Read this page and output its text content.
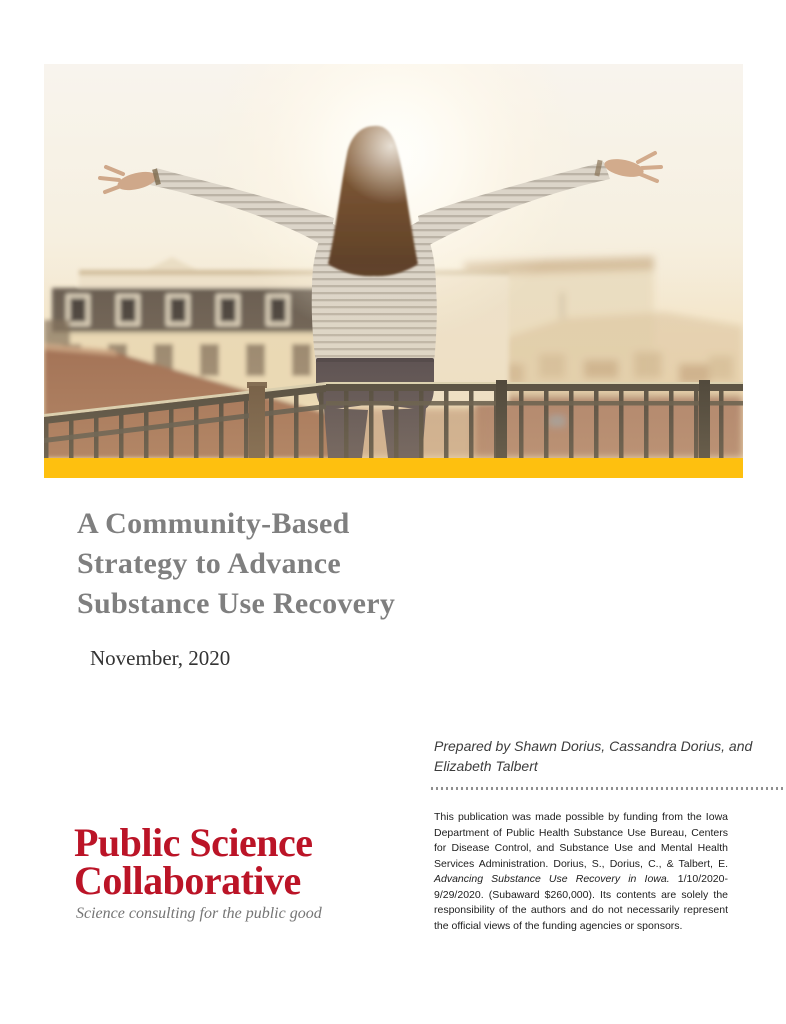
A Community-Based
Strategy to Advance
Substance Use Recovery
November, 2020
Prepared by Shawn Dorius, Cassandra Dorius, and Elizabeth Talbert

This publication was made possible by funding from the Iowa Department of Public Health Substance Use Bureau, Centers for Disease Control, and Substance Use and Mental Health Services Administration. Dorius, S., Dorius, C., & Talbert, E. Advancing Substance Use Recovery in Iowa. 1/10/2020-9/29/2020. (Subaward $260,000). Its contents are solely the responsibility of the authors and do not necessarily represent the official views of the funding agencies or sponsors.

Public Science
Collaborative
Science consulting for the public good
